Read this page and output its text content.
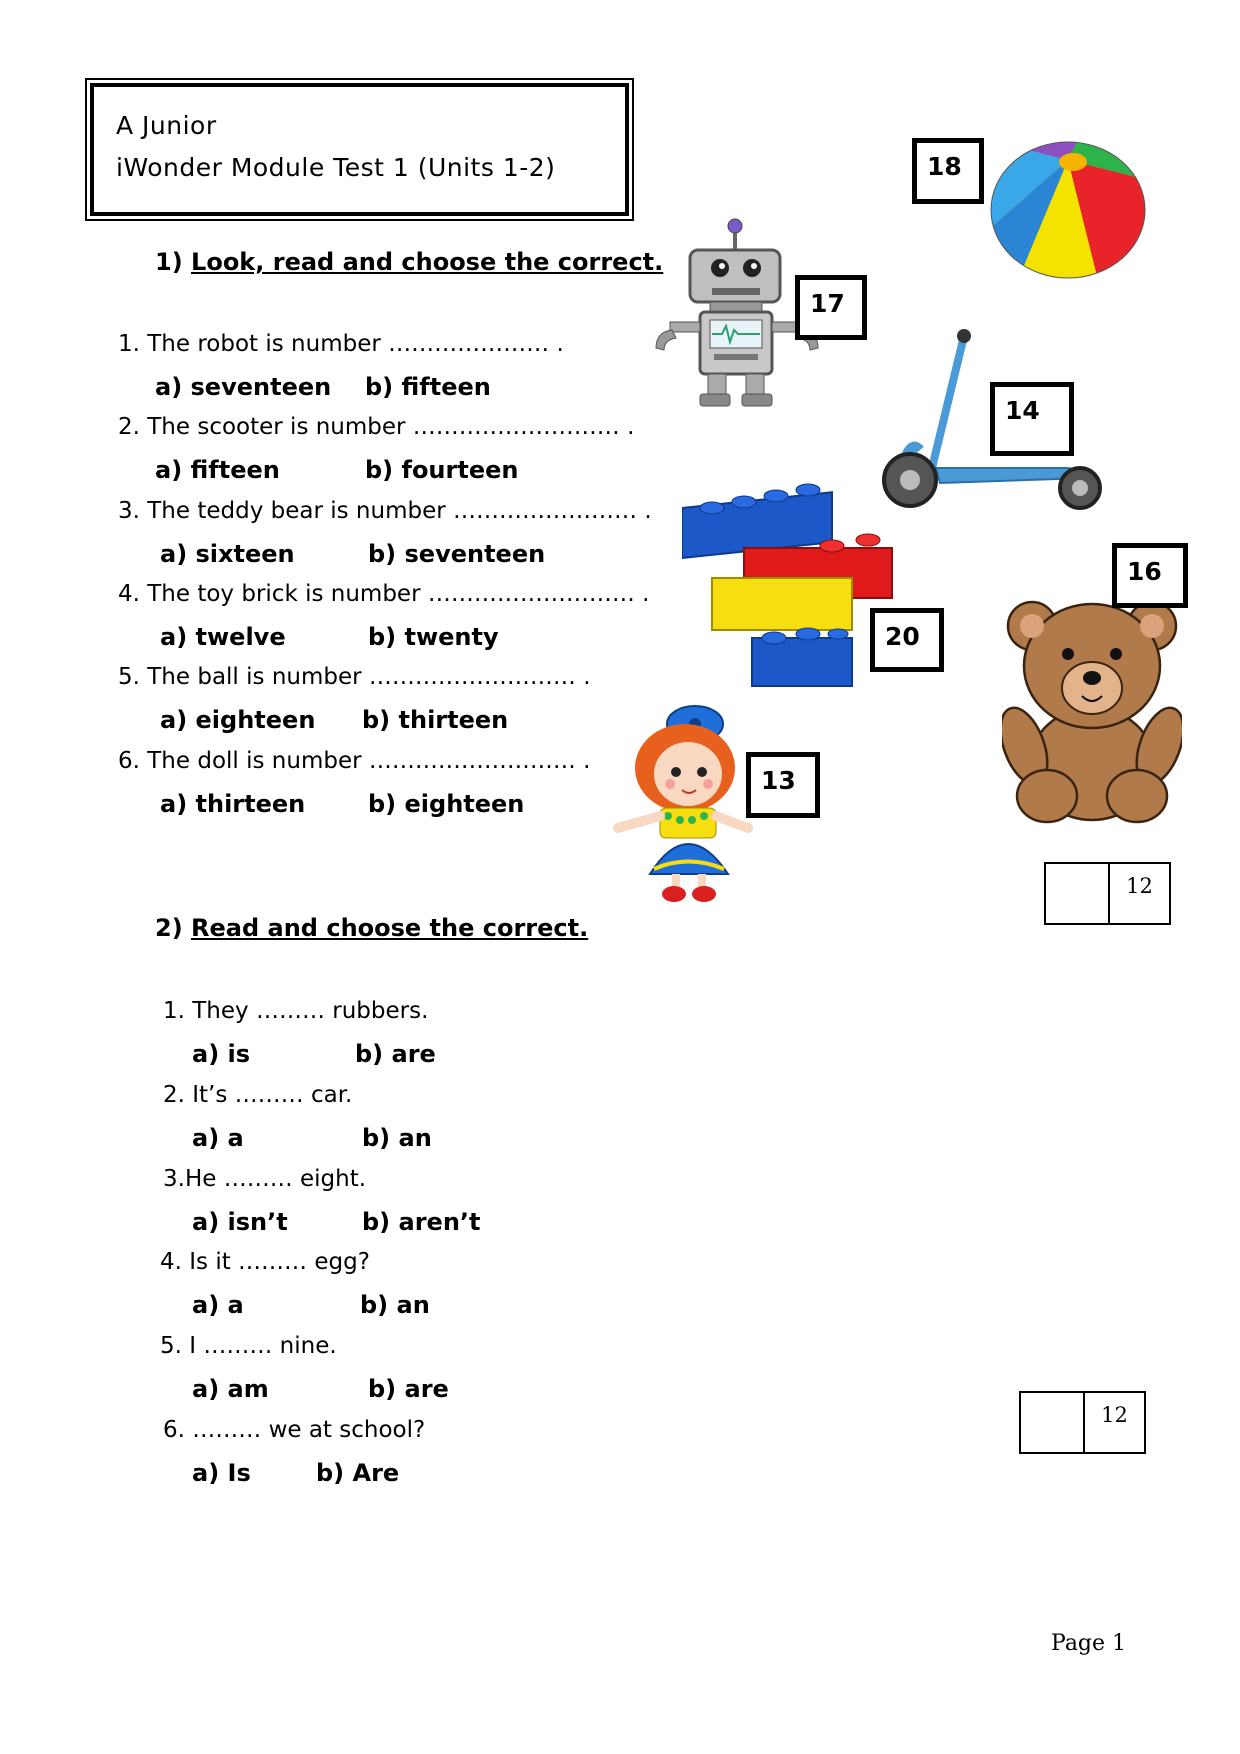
A Junior
iWonder Module Test 1 (Units 1-2)
1) Look, read and choose the correct.
1. The robot is number ………………… .
a) seventeen b) fifteen
2. The scooter is number ……………………… .
a) fifteen	b) fourteen
3. The teddy bear is number …………………… .
a) sixteen	b) seventeen
4. The toy brick is number ……………………… .
a) twelve	b) twenty
5. The ball is number ……………………… .
a) eighteen b) thirteen
6. The doll is number ……………………… .
a) thirteen	b) eighteen
18
17
14
20
16
13
12
2) Read and choose the correct.
1. They ……… rubbers.
a) is	b) are
2. It’s ……… car.
a) a	b) an
3.He ……… eight.
a) isn’t	b) aren’t
4. Is it ……… egg?
a) a	b) an
5. I ……… nine.
a) am	b) are
6. ……… we at school?
a) Is	b) Are
12
Page 1
